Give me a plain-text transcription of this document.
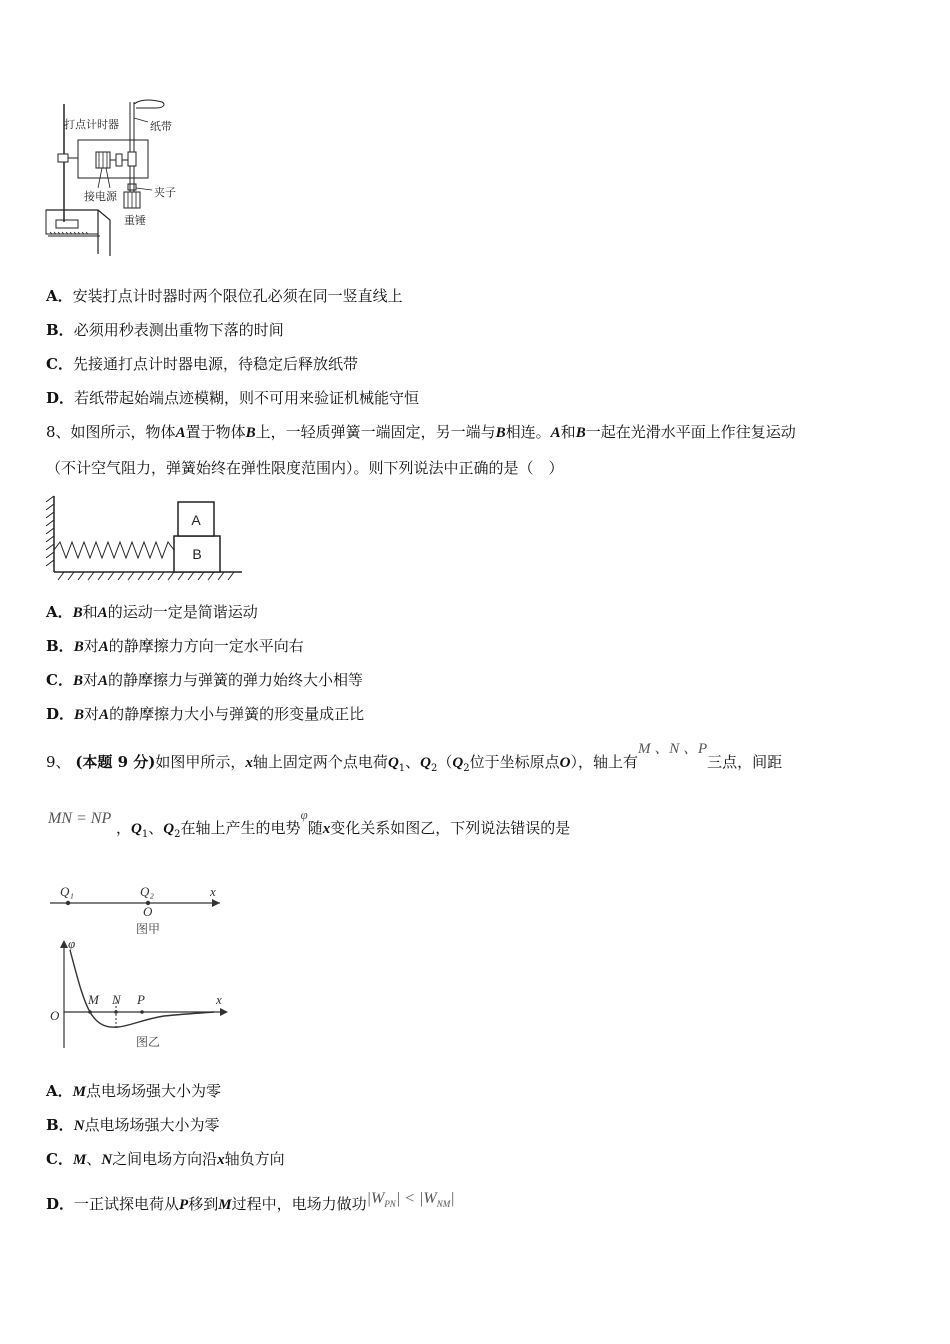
打点计时器	纸带
接电源	夹子
重锤
A．安装打点计时器时两个限位孔必须在同一竖直线上
B．必须用秒表测出重物下落的时间
C．先接通打点计时器电源，待稳定后释放纸带
D．若纸带起始端点迹模糊，则不可用来验证机械能守恒
8、如图所示，物体A置于物体B上，一轻质弹簧一端固定，另一端与B相连。A和B一起在光滑水平面上作往复运动
（不计空气阻力，弹簧始终在弹性限度范围内）。则下列说法中正确的是（　）
A
B
A．B和A的运动一定是简谐运动
B．B对A的静摩擦力方向一定水平向右
C．B对A的静摩擦力与弹簧的弹力始终大小相等
D．B对A的静摩擦力大小与弹簧的形变量成正比
9、 (本题 9 分)如图甲所示，x轴上固定两个点电荷$Q_1$、$Q_2(Q_2$位于坐标原点O），轴上有M 、N 、P三点，间距
MN = NP ，$Q_1$、$Q_2$在轴上产生的电势φ随x变化关系如图乙，下列说法错误的是
Q₁	Q₂	x
O
图甲
φ
M N P	x
O
图乙
A．M点电场场强大小为零
B．N点电场场强大小为零
C．M、N之间电场方向沿x轴负方向
D．一正试探电荷从P移到M过程中，电场力做功$|W_{PN}| < |W_{NM}|$
